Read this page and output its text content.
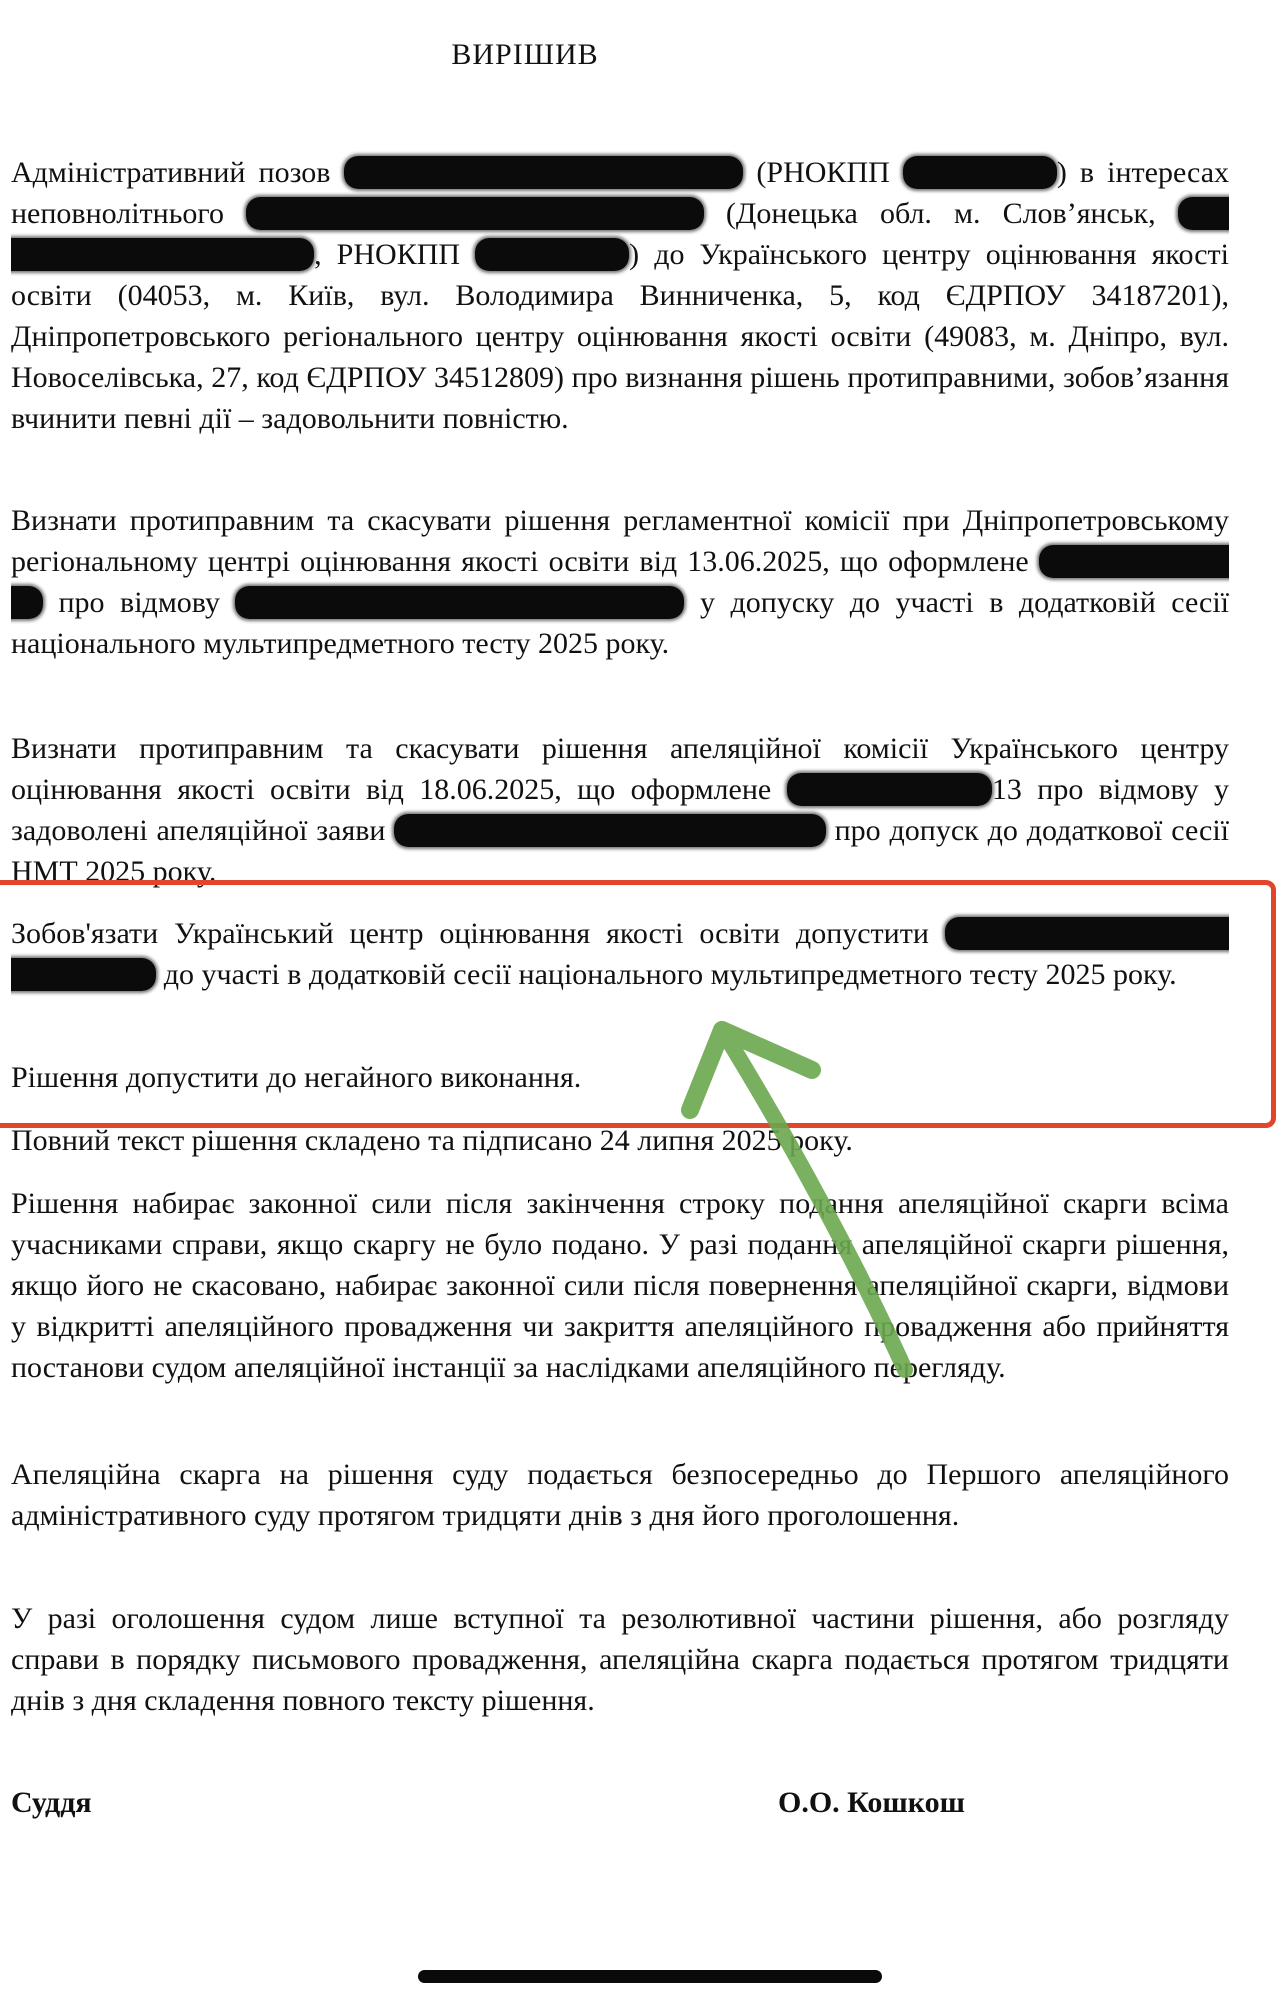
ВИРІШИВ

Адміністративний позов	(РНОКПП	) в інтересах неповнолітнього	(Донецька обл. м. Слов’янськ, , РНОКПП	) до Українського центру оцінювання якості освіти (04053, м. Київ, вул. Володимира Винниченка, 5, код ЄДРПОУ 34187201), Дніпропетровського регіонального центру оцінювання якості освіти (49083, м. Дніпро, вул. Новоселівська, 27, код ЄДРПОУ 34512809) про визнання рішень протиправними, зобов’язання вчинити певні дії – задовольнити повністю.

Визнати протиправним та скасувати рішення регламентної комісії при Дніпропетровському регіональному центрі оцінювання якості освіти від 13.06.2025, що оформлене про відмову	у допуску до участі в додатковій сесії національного мультипредметного тесту 2025 року.

Визнати протиправним та скасувати рішення апеляційної комісії Українського центру оцінювання якості освіти від 18.06.2025, що оформлене	13 про відмову у задоволені апеляційної заяви	про допуск до додаткової сесії НМТ 2025 року.

Зобов'язати Український центр оцінювання якості освіти допустити до участі в додатковій сесії національного мультипредметного тесту 2025 року.

Рішення допустити до негайного виконання.

Повний текст рішення складено та підписано 24 липня 2025 року.

Рішення набирає законної сили після закінчення строку подання апеляційної скарги всіма учасниками справи, якщо скаргу не було подано. У разі подання апеляційної скарги рішення, якщо його не скасовано, набирає законної сили після повернення апеляційної скарги, відмови у відкритті апеляційного провадження чи закриття апеляційного провадження або прийняття постанови судом апеляційної інстанції за наслідками апеляційного перегляду.

Апеляційна скарга на рішення суду подається безпосередньо до Першого апеляційного адміністративного суду протягом тридцяти днів з дня його проголошення.

У разі оголошення судом лише вступної та резолютивної частини рішення, або розгляду справи в порядку письмового провадження, апеляційна скарга подається протягом тридцяти днів з дня складення повного тексту рішення.

Суддя	О.О. Кошкош
